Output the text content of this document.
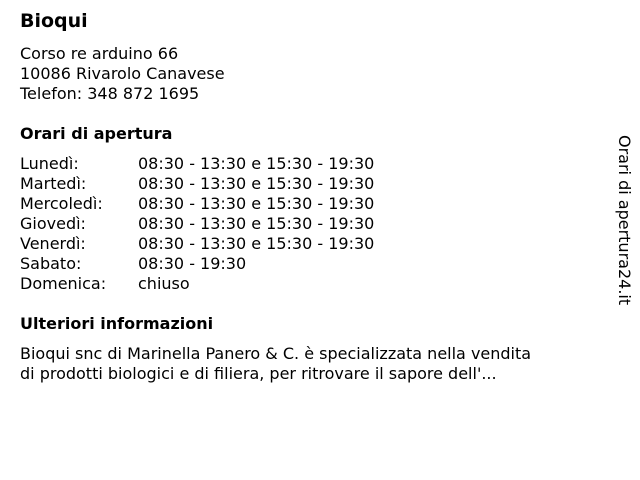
Bioqui
Corso re arduino 66
10086 Rivarolo Canavese
Telefon: 348 872 1695
Orari di apertura
Lunedì:	08:30 - 13:30 e 15:30 - 19:30
Martedì:	08:30 - 13:30 e 15:30 - 19:30
Mercoledì: 08:30 - 13:30 e 15:30 - 19:30
Giovedì:	08:30 - 13:30 e 15:30 - 19:30
Venerdì:	08:30 - 13:30 e 15:30 - 19:30
Sabato:	08:30 - 19:30
Domenica: chiuso
Ulteriori informazioni
Bioqui snc di Marinella Panero & C. è specializzata nella vendita
di prodotti biologici e di filiera, per ritrovare il sapore dell'...
Orari di apertura24.it
